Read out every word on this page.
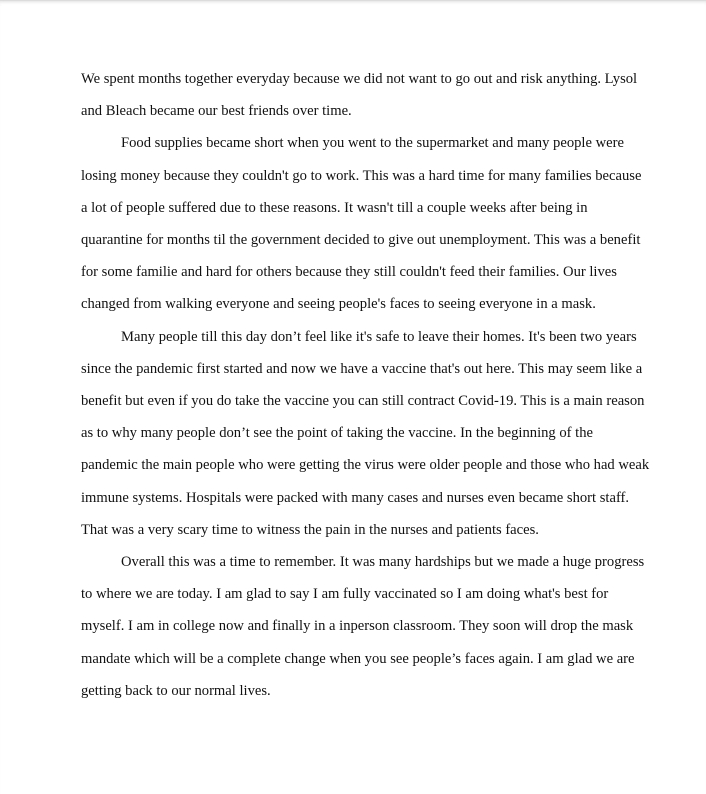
We spent months together everyday because we did not want to go out and risk anything. Lysol
and Bleach became our best friends over time.
Food supplies became short when you went to the supermarket and many people were
losing money because they couldn't go to work. This was a hard time for many families because
a lot of people suffered due to these reasons. It wasn't till a couple weeks after being in
quarantine for months til the government decided to give out unemployment. This was a benefit
for some familie and hard for others because they still couldn't feed their families. Our lives
changed from walking everyone and seeing people's faces to seeing everyone in a mask.
Many people till this day don’t feel like it's safe to leave their homes. It's been two years
since the pandemic first started and now we have a vaccine that's out here. This may seem like a
benefit but even if you do take the vaccine you can still contract Covid-19. This is a main reason
as to why many people don’t see the point of taking the vaccine. In the beginning of the
pandemic the main people who were getting the virus were older people and those who had weak
immune systems. Hospitals were packed with many cases and nurses even became short staff.
That was a very scary time to witness the pain in the nurses and patients faces.
Overall this was a time to remember. It was many hardships but we made a huge progress
to where we are today. I am glad to say I am fully vaccinated so I am doing what's best for
myself. I am in college now and finally in a inperson classroom. They soon will drop the mask
mandate which will be a complete change when you see people’s faces again. I am glad we are
getting back to our normal lives.
